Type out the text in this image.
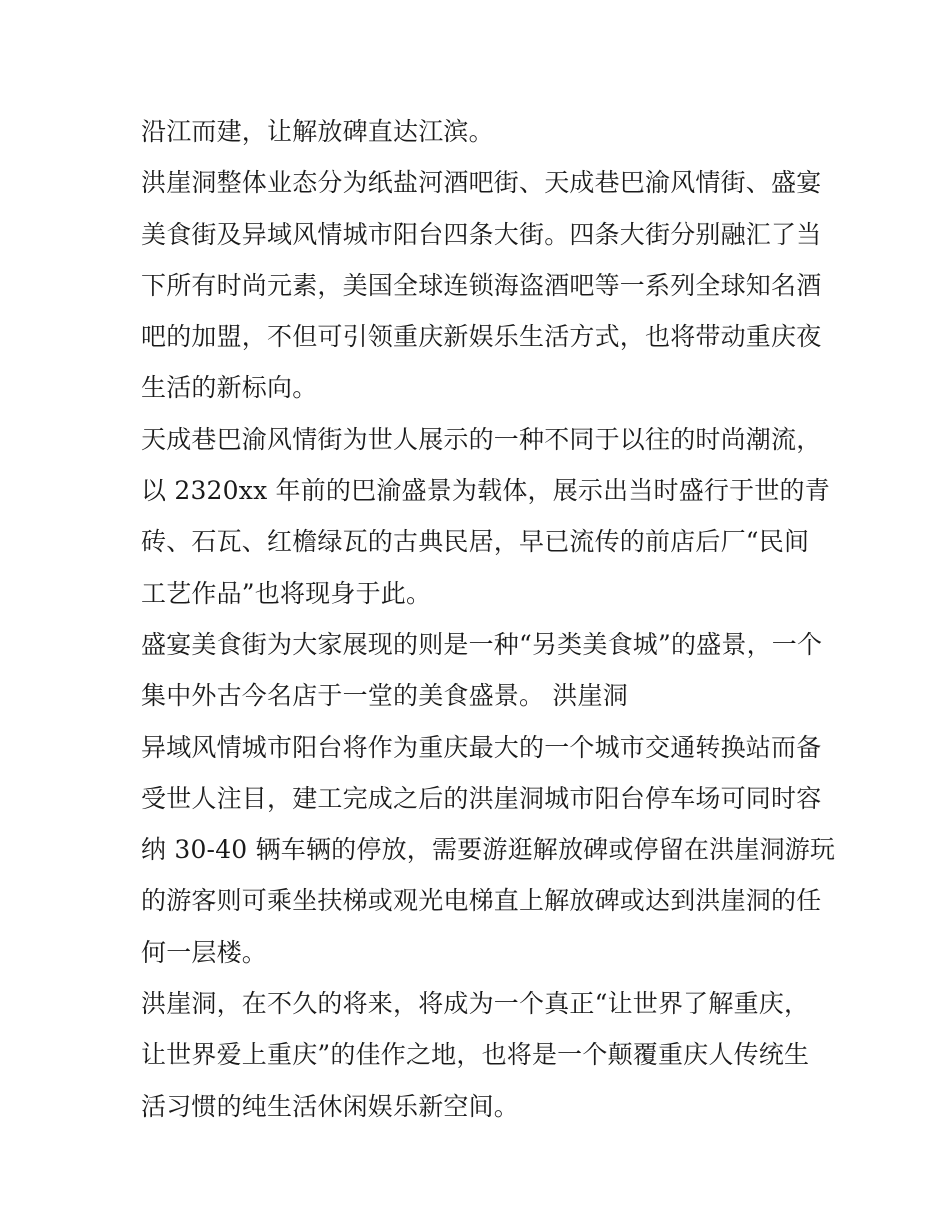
沿江而建，让解放碑直达江滨。

洪崖洞整体业态分为纸盐河酒吧街、天成巷巴渝风情街、盛宴
美食街及异域风情城市阳台四条大街。四条大街分别融汇了当
下所有时尚元素，美国全球连锁海盗酒吧等一系列全球知名酒
吧的加盟，不但可引领重庆新娱乐生活方式，也将带动重庆夜
生活的新标向。

天成巷巴渝风情街为世人展示的一种不同于以往的时尚潮流，
以 2320xx 年前的巴渝盛景为载体，展示出当时盛行于世的青
砖、石瓦、红檐绿瓦的古典民居，早已流传的前店后厂“民间
工艺作品”也将现身于此。

盛宴美食街为大家展现的则是一种“另类美食城”的盛景，一个
集中外古今名店于一堂的美食盛景。 洪崖洞

异域风情城市阳台将作为重庆最大的一个城市交通转换站而备
受世人注目，建工完成之后的洪崖洞城市阳台停车场可同时容
纳 30-40 辆车辆的停放，需要游逛解放碑或停留在洪崖洞游玩
的游客则可乘坐扶梯或观光电梯直上解放碑或达到洪崖洞的任
何一层楼。

洪崖洞，在不久的将来，将成为一个真正“让世界了解重庆，
让世界爱上重庆”的佳作之地，也将是一个颠覆重庆人传统生
活习惯的纯生活休闲娱乐新空间。
